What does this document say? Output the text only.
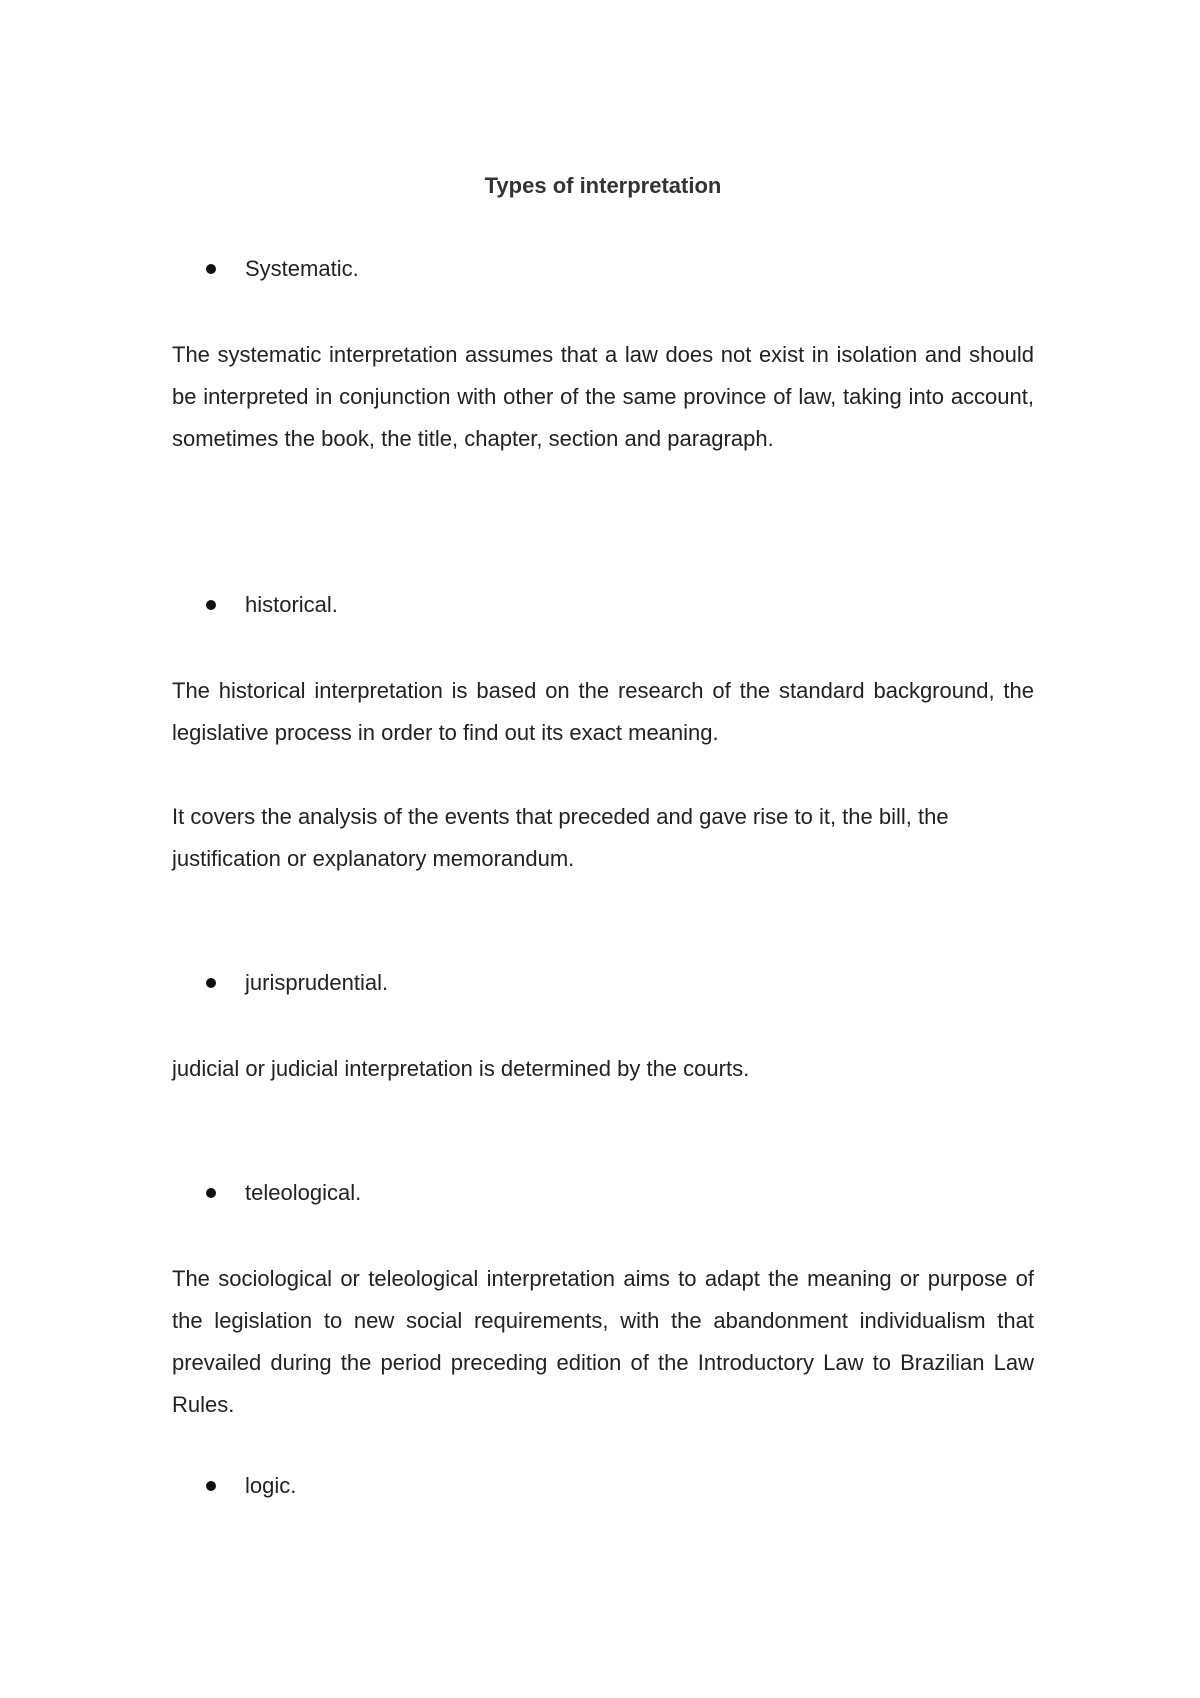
Types of interpretation
Systematic.
The systematic interpretation assumes that a law does not exist in isolation and should be interpreted in conjunction with other of the same province of law, taking into account, sometimes the book, the title, chapter, section and paragraph.
historical.
The historical interpretation is based on the research of the standard background, the legislative process in order to find out its exact meaning.
It covers the analysis of the events that preceded and gave rise to it, the bill, the justification or explanatory memorandum.
jurisprudential.
judicial or judicial interpretation is determined by the courts.
teleological.
The sociological or teleological interpretation aims to adapt the meaning or purpose of the legislation to new social requirements, with the abandonment individualism that prevailed during the period preceding edition of the Introductory Law to Brazilian Law Rules.
logic.
